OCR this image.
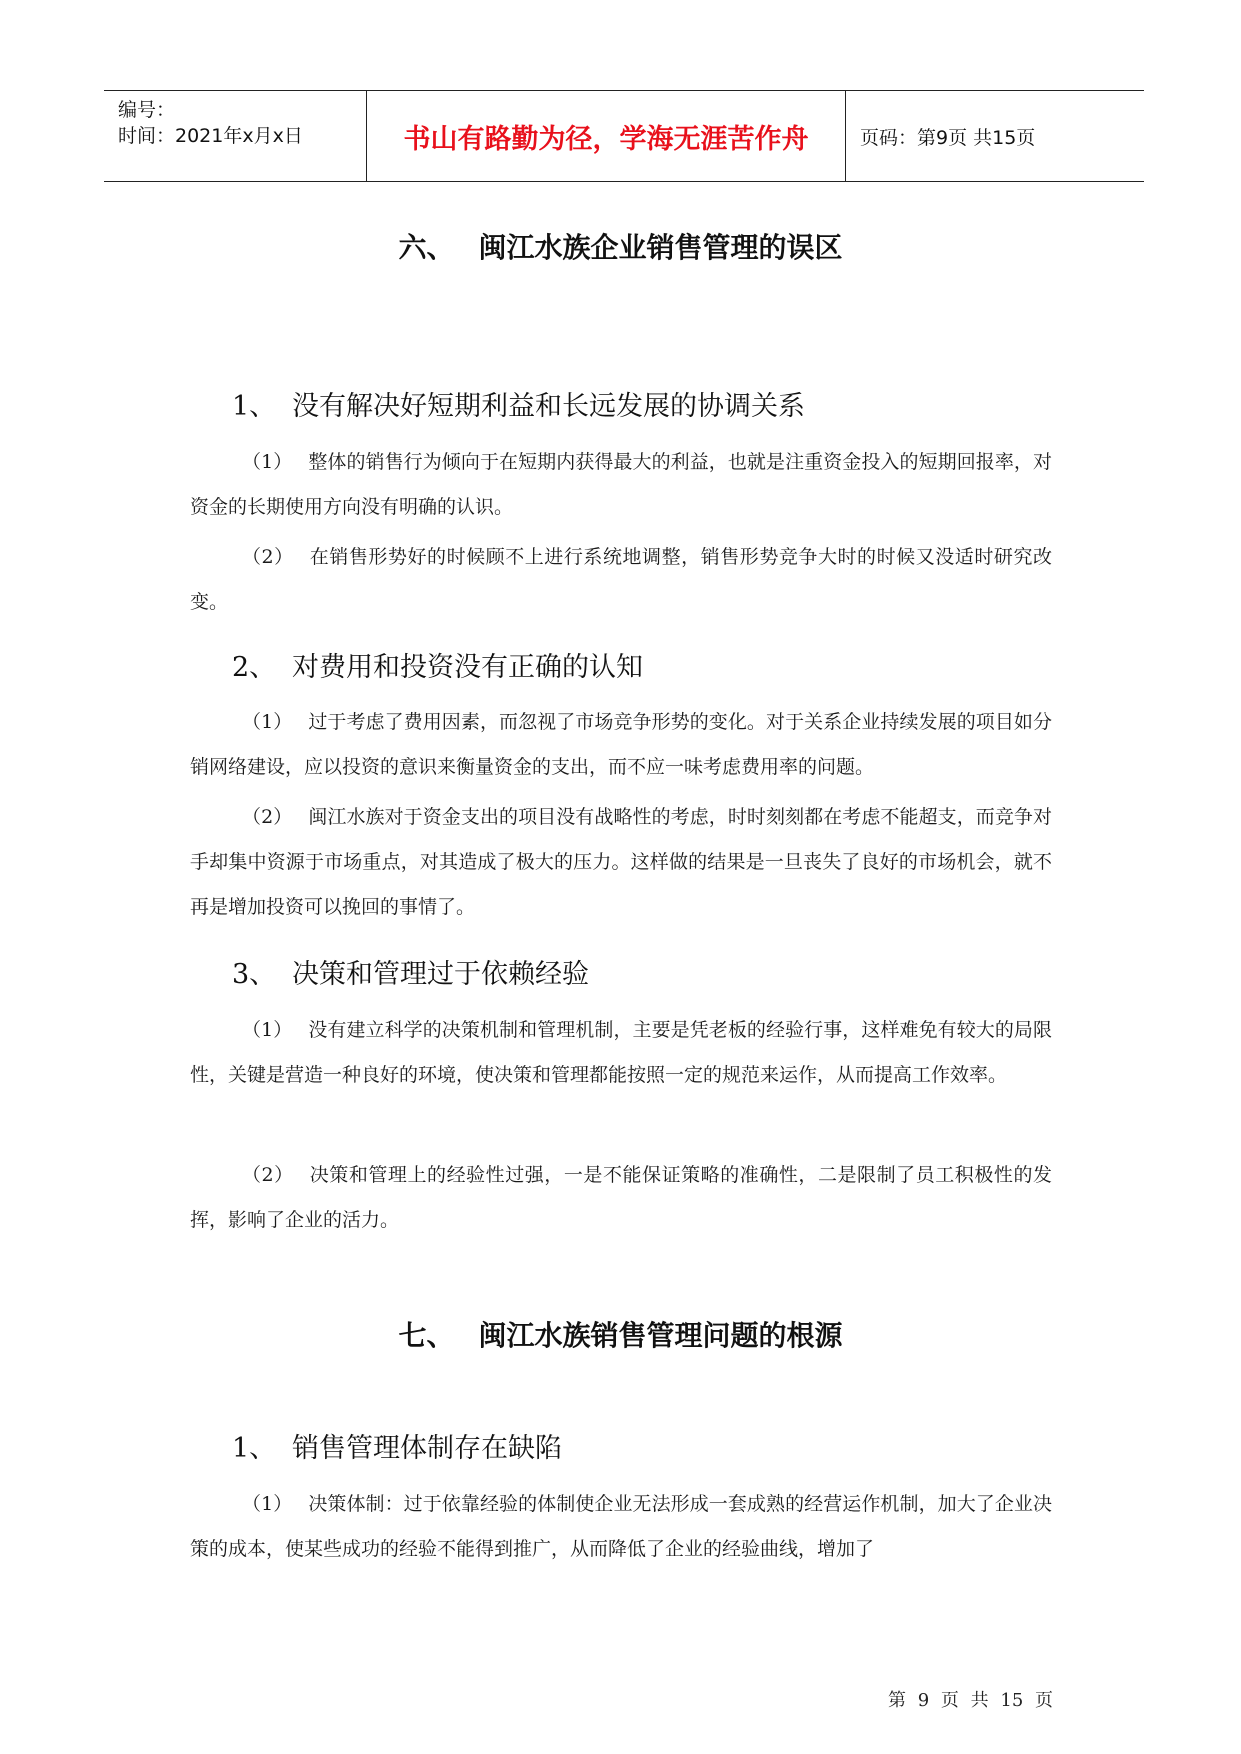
编号：
时间：2021年x月x日	书山有路勤为径，学海无涯苦作舟	页码：第9页 共15页
六、 闽江水族企业销售管理的误区
1、 没有解决好短期利益和长远发展的协调关系
（1） 整体的销售行为倾向于在短期内获得最大的利益，也就是注重资金投入的短期回报率，对资金的长期使用方向没有明确的认识。
（2） 在销售形势好的时候顾不上进行系统地调整，销售形势竞争大时的时候又没适时研究改变。
2、 对费用和投资没有正确的认知
（1） 过于考虑了费用因素，而忽视了市场竞争形势的变化。对于关系企业持续发展的项目如分销网络建设，应以投资的意识来衡量资金的支出，而不应一味考虑费用率的问题。
（2） 闽江水族对于资金支出的项目没有战略性的考虑，时时刻刻都在考虑不能超支，而竞争对手却集中资源于市场重点，对其造成了极大的压力。这样做的结果是一旦丧失了良好的市场机会，就不再是增加投资可以挽回的事情了。
3、 决策和管理过于依赖经验
（1） 没有建立科学的决策机制和管理机制，主要是凭老板的经验行事，这样难免有较大的局限性，关键是营造一种良好的环境，使决策和管理都能按照一定的规范来运作，从而提高工作效率。
（2） 决策和管理上的经验性过强，一是不能保证策略的准确性，二是限制了员工积极性的发挥，影响了企业的活力。
七、 闽江水族销售管理问题的根源
1、 销售管理体制存在缺陷
（1） 决策体制：过于依靠经验的体制使企业无法形成一套成熟的经营运作机制，加大了企业决策的成本，使某些成功的经验不能得到推广，从而降低了企业的经验曲线，增加了
第 9 页 共 15 页
